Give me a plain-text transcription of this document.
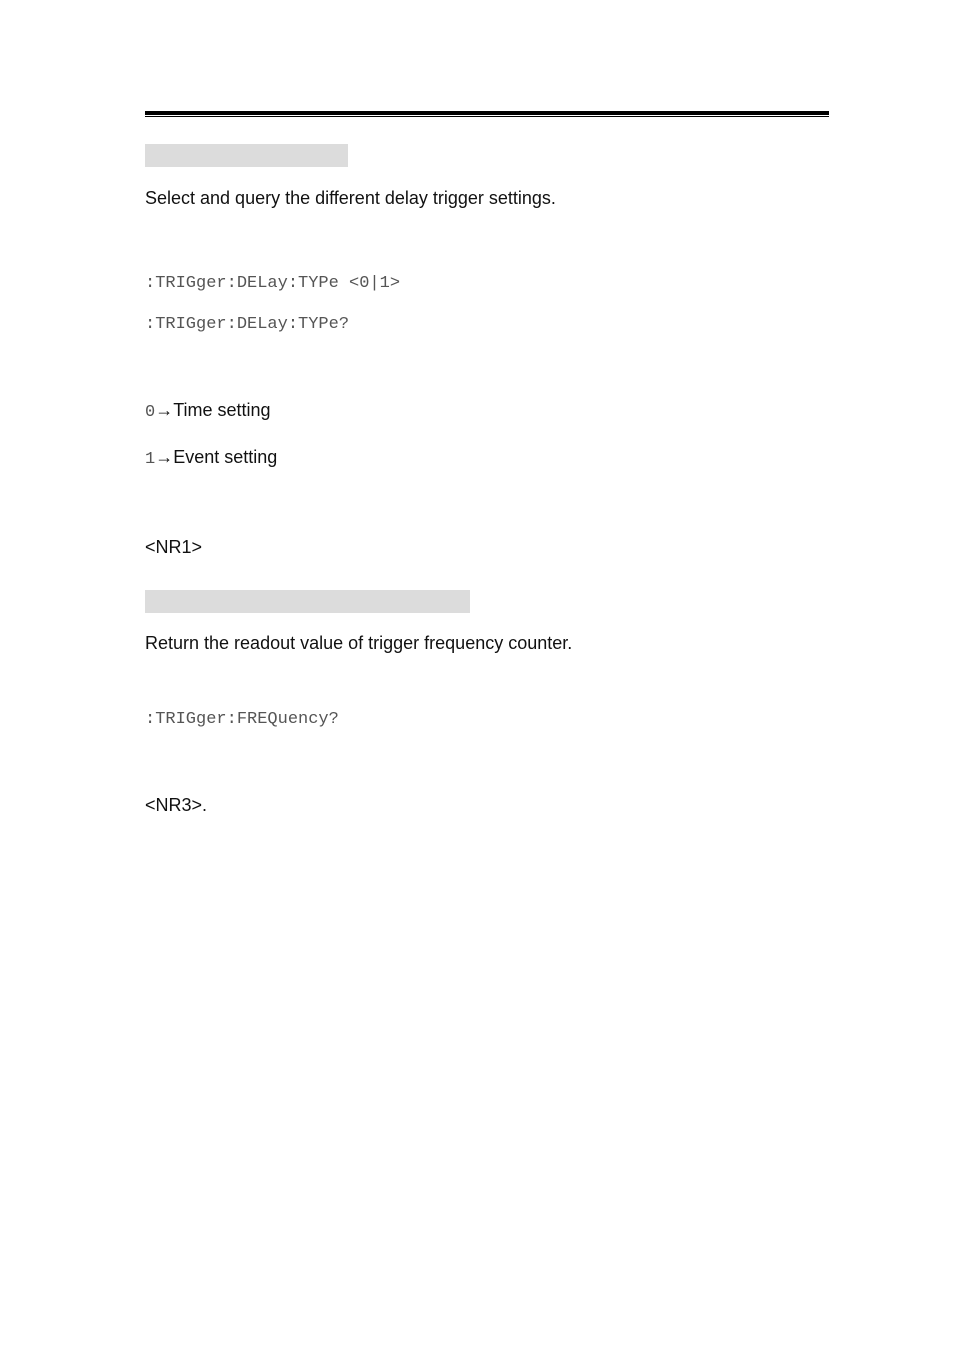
Select and query the different delay trigger settings.
:TRIGger:DELay:TYPe <0|1>
:TRIGger:DELay:TYPe?
0→Time setting
1→Event setting
<NR1>
Return the readout value of trigger frequency counter.
:TRIGger:FREQuency?
<NR3>.
